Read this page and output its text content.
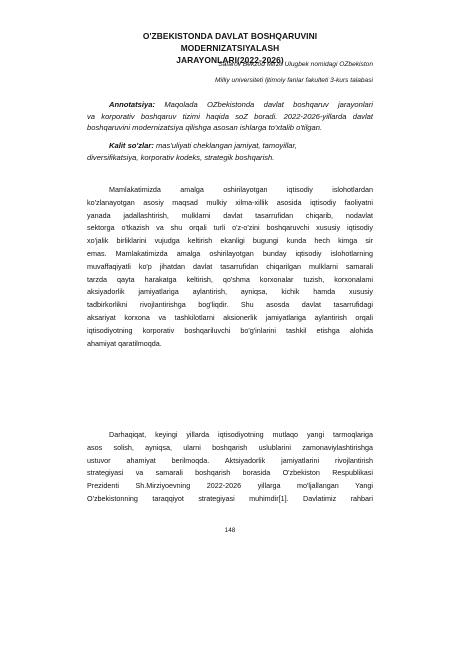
O'ZBEKISTONDA DAVLAT BOSHQARUVINI MODERNIZATSIYALASH
JARAYONLARI(2022-2026)
Safarov Bekzod Mirzo Ulugbek nomidagi OZbekiston
Milliy universiteti Ijtimoiy fanlar fakulteti 3-kurs talabasi
Annotatsiya: Maqolada OZbekistonda davlat boshqaruv jarayonlari
va korporativ boshqaruv tizimi haqida soZ boradi. 2022-2026-yillarda davlat
boshqaruvini modernizatsiya qilishga asosan ishlarga to'xtalib o'tilgan.
Kalit so'zlar: mas'uliyati cheklangan jamiyat, tamoyillar,
diversifikatsiya, korporativ kodeks, strategik boshqarish.
Mamlakatimizda amalga oshirilayotgan iqtisodiy islohotlardan
ko'zlanayotgan asosiy maqsad mulkiy xilma-xillik asosida iqtisodiy faoliyatni
yanada jadallashtirish, mulklarni davlat tasarrufidan chiqarib, nodavlat
sektorga o'tkazish va shu orqali turli o'z-o'zini boshqaruvchi xususiy iqtisodiy
xo'jalik birliklarini vujudga keltirish ekanligi bugungi kunda hech kimga sir
emas. Mamlakatimizda amalga oshirilayotgan bunday iqtisodiy islohotlarning
muvaffaqiyatli ko'p jihatdan davlat tasarrufidan chiqarilgan mulklarni samarali
tarzda qayta harakatga keltirish, qo'shma korxonalar tuzish, korxonalami
aksiyadorlik jamiyatlariga aylantirish, ayniqsa, kichik hamda xususiy
tadbirkorlikni rivojlantirishga bog'liqdir. Shu asosda davlat tasarrufidagi
aksariyat korxona va tashkilotlarni aksionerlik jamiyatlariga aylantirish orqali
iqtisodiyotning korporativ boshqariluvchi bo'g'inlarini tashkil etishga alohida
ahamiyat qaratilmoqda.
Darhaqiqat, keyingi yillarda iqtisodiyotning mutlaqo yangi tarmoqlariga
asos solish, ayniqsa, ularni boshqarish uslublarini zamonaviylashtirishga
ustuvor ahamiyat berilmoqda. Aktsiyadorlik jamiyatlarini rivojlantirish
strategiyasi va samarali boshqarish borasida O'zbekiston Respublikasi
Prezidenti Sh.Mirziyoevning 2022-2026 yillarga mo'ljallangan Yangi
O'zbekistonning taraqqiyot strategiyasi muhimdir[1]. Davlatimiz rahbari
148
